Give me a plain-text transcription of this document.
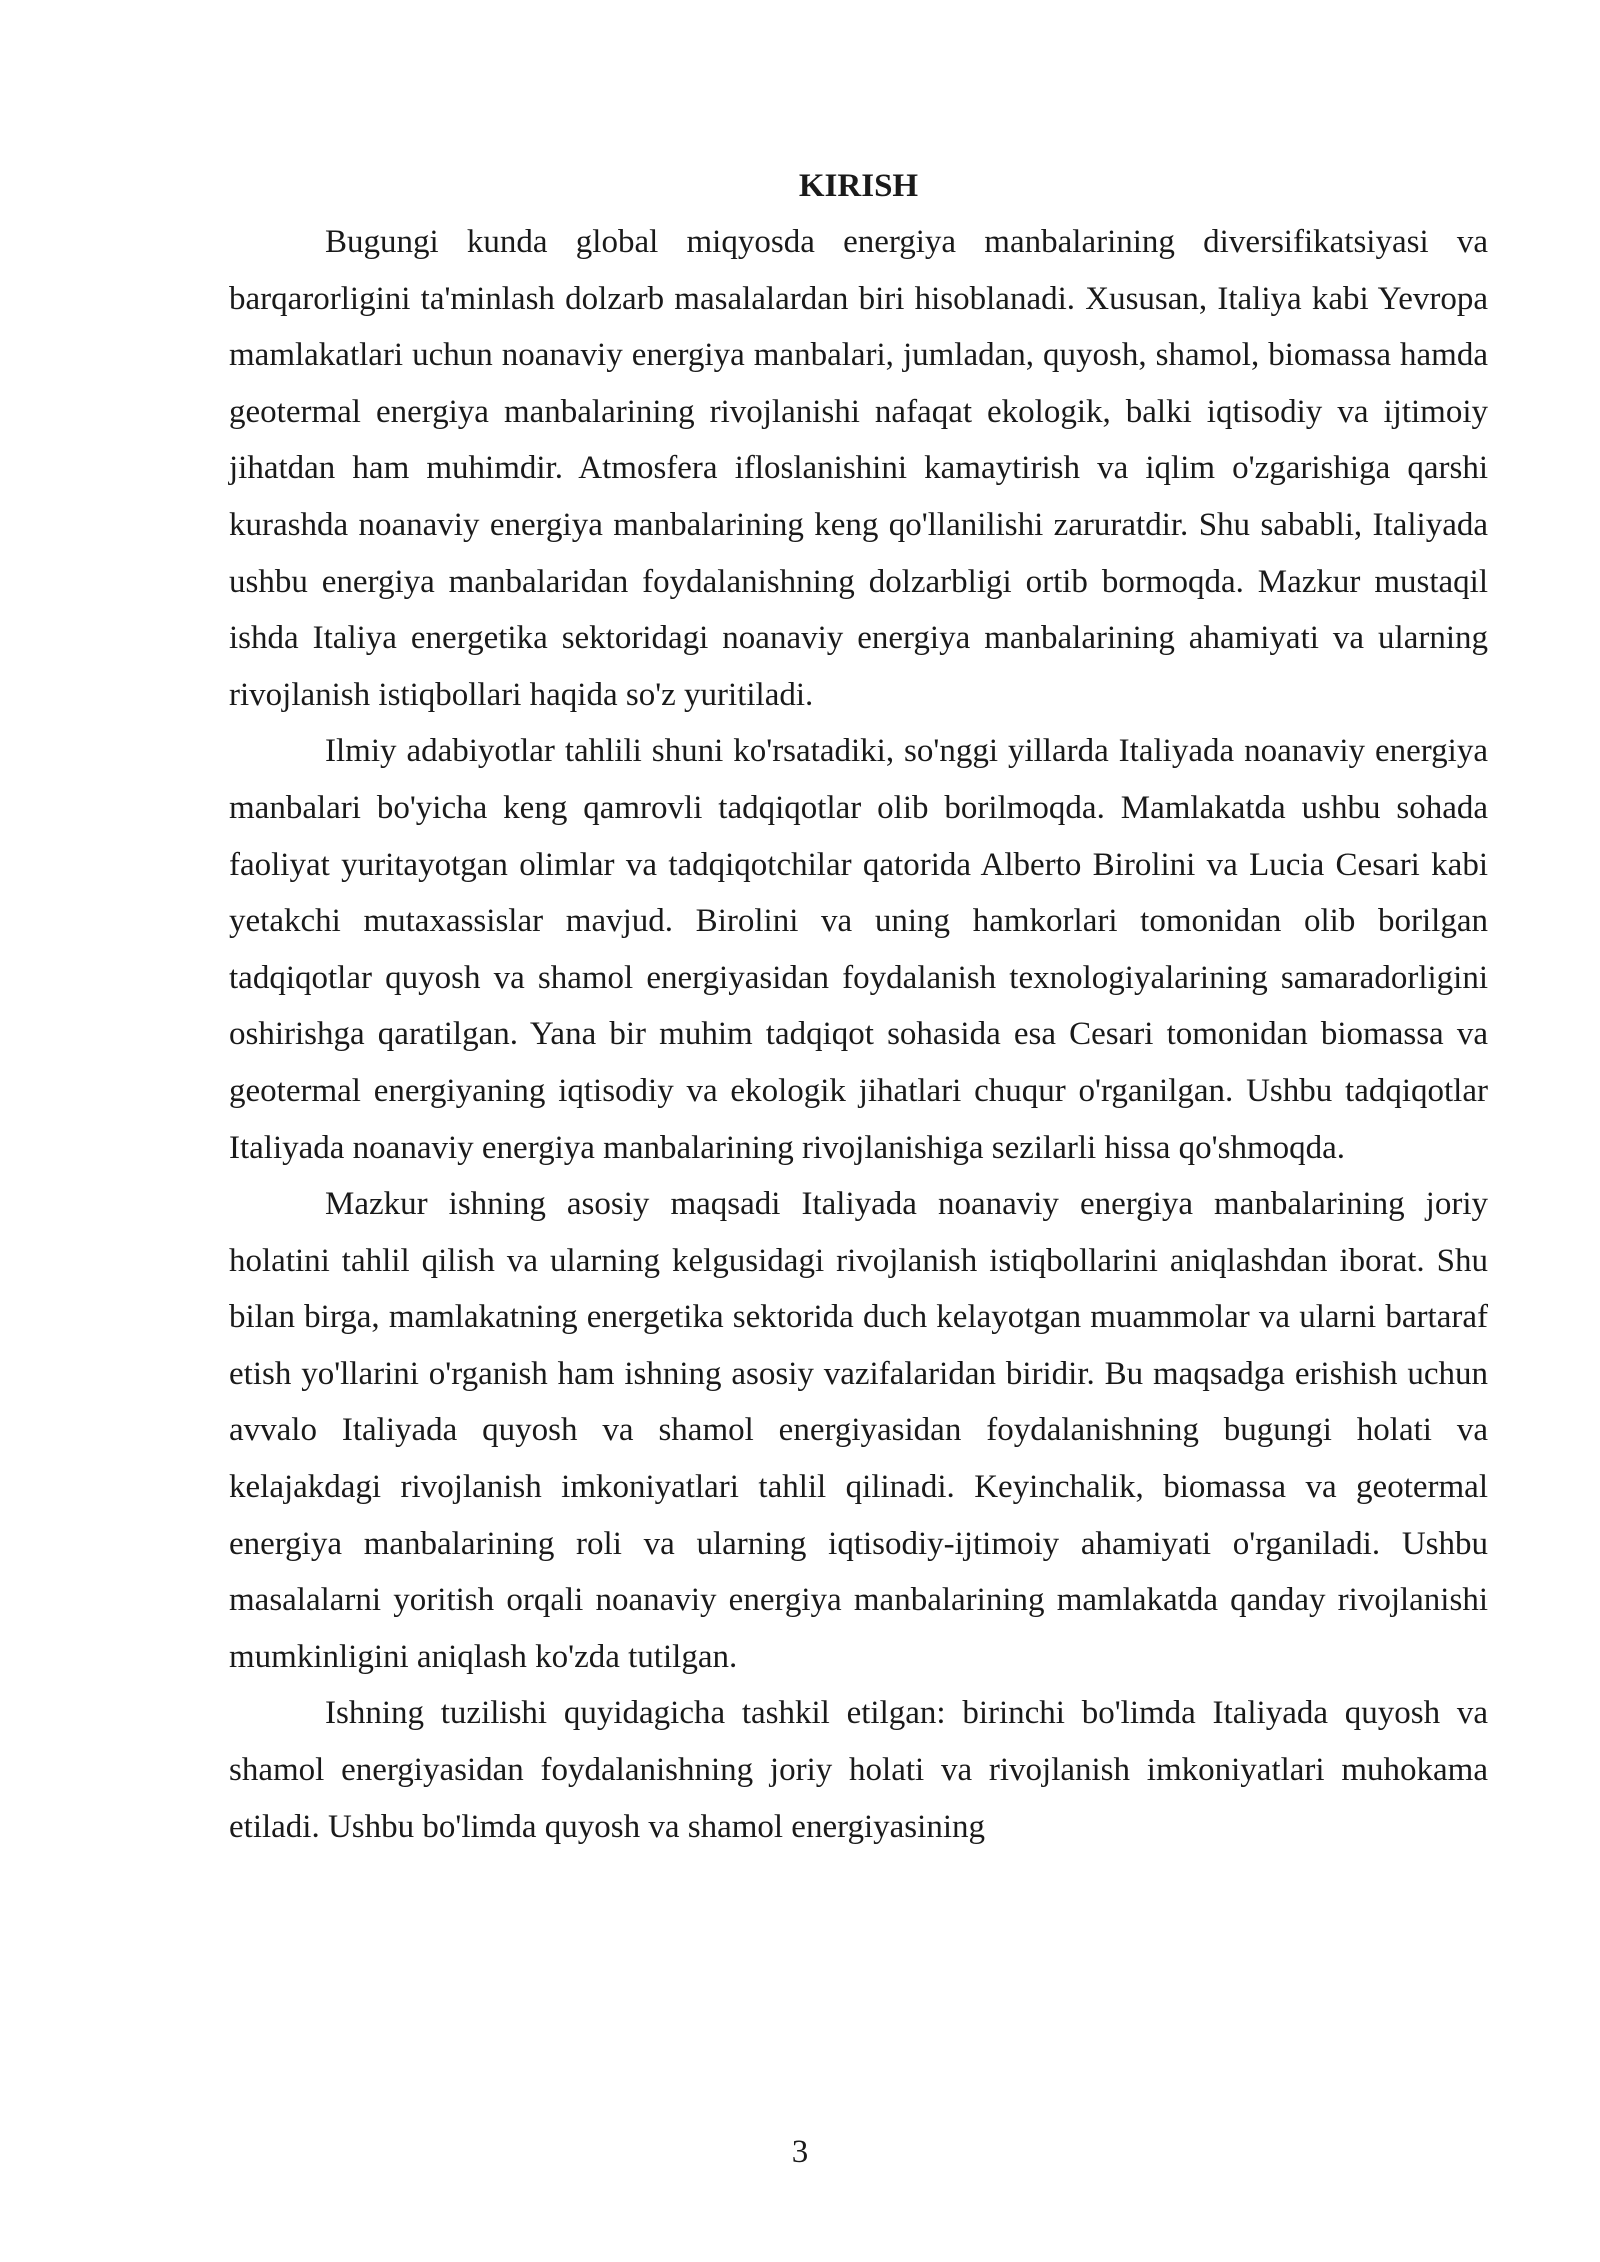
KIRISH

Bugungi kunda global miqyosda energiya manbalarining diversifikatsiyasi va barqarorligini ta'minlash dolzarb masalalardan biri hisoblanadi. Xususan, Italiya kabi Yevropa mamlakatlari uchun noanaviy energiya manbalari, jumladan, quyosh, shamol, biomassa hamda geotermal energiya manbalarining rivojlanishi nafaqat ekologik, balki iqtisodiy va ijtimoiy jihatdan ham muhimdir. Atmosfera ifloslanishini kamaytirish va iqlim o'zgarishiga qarshi kurashda noanaviy energiya manbalarining keng qo'llanilishi zaruratdir. Shu sababli, Italiyada ushbu energiya manbalaridan foydalanishning dolzarbligi ortib bormoqda. Mazkur mustaqil ishda Italiya energetika sektoridagi noanaviy energiya manbalarining ahamiyati va ularning rivojlanish istiqbollari haqida so'z yuritiladi.

Ilmiy adabiyotlar tahlili shuni ko'rsatadiki, so'nggi yillarda Italiyada noanaviy energiya manbalari bo'yicha keng qamrovli tadqiqotlar olib borilmoqda. Mamlakatda ushbu sohada faoliyat yuritayotgan olimlar va tadqiqotchilar qatorida Alberto Birolini va Lucia Cesari kabi yetakchi mutaxassislar mavjud. Birolini va uning hamkorlari tomonidan olib borilgan tadqiqotlar quyosh va shamol energiyasidan foydalanish texnologiyalarining samaradorligini oshirishga qaratilgan. Yana bir muhim tadqiqot sohasida esa Cesari tomonidan biomassa va geotermal energiyaning iqtisodiy va ekologik jihatlari chuqur o'rganilgan. Ushbu tadqiqotlar Italiyada noanaviy energiya manbalarining rivojlanishiga sezilarli hissa qo'shmoqda.

Mazkur ishning asosiy maqsadi Italiyada noanaviy energiya manbalarining joriy holatini tahlil qilish va ularning kelgusidagi rivojlanish istiqbollarini aniqlashdan iborat. Shu bilan birga, mamlakatning energetika sektorida duch kelayotgan muammolar va ularni bartaraf etish yo'llarini o'rganish ham ishning asosiy vazifalaridan biridir. Bu maqsadga erishish uchun avvalo Italiyada quyosh va shamol energiyasidan foydalanishning bugungi holati va kelajakdagi rivojlanish imkoniyatlari tahlil qilinadi. Keyinchalik, biomassa va geotermal energiya manbalarining roli va ularning iqtisodiy-ijtimoiy ahamiyati o'rganiladi. Ushbu masalalarni yoritish orqali noanaviy energiya manbalarining mamlakatda qanday rivojlanishi mumkinligini aniqlash ko'zda tutilgan.

Ishning tuzilishi quyidagicha tashkil etilgan: birinchi bo'limda Italiyada quyosh va shamol energiyasidan foydalanishning joriy holati va rivojlanish imkoniyatlari muhokama etiladi. Ushbu bo'limda quyosh va shamol energiyasining

3
